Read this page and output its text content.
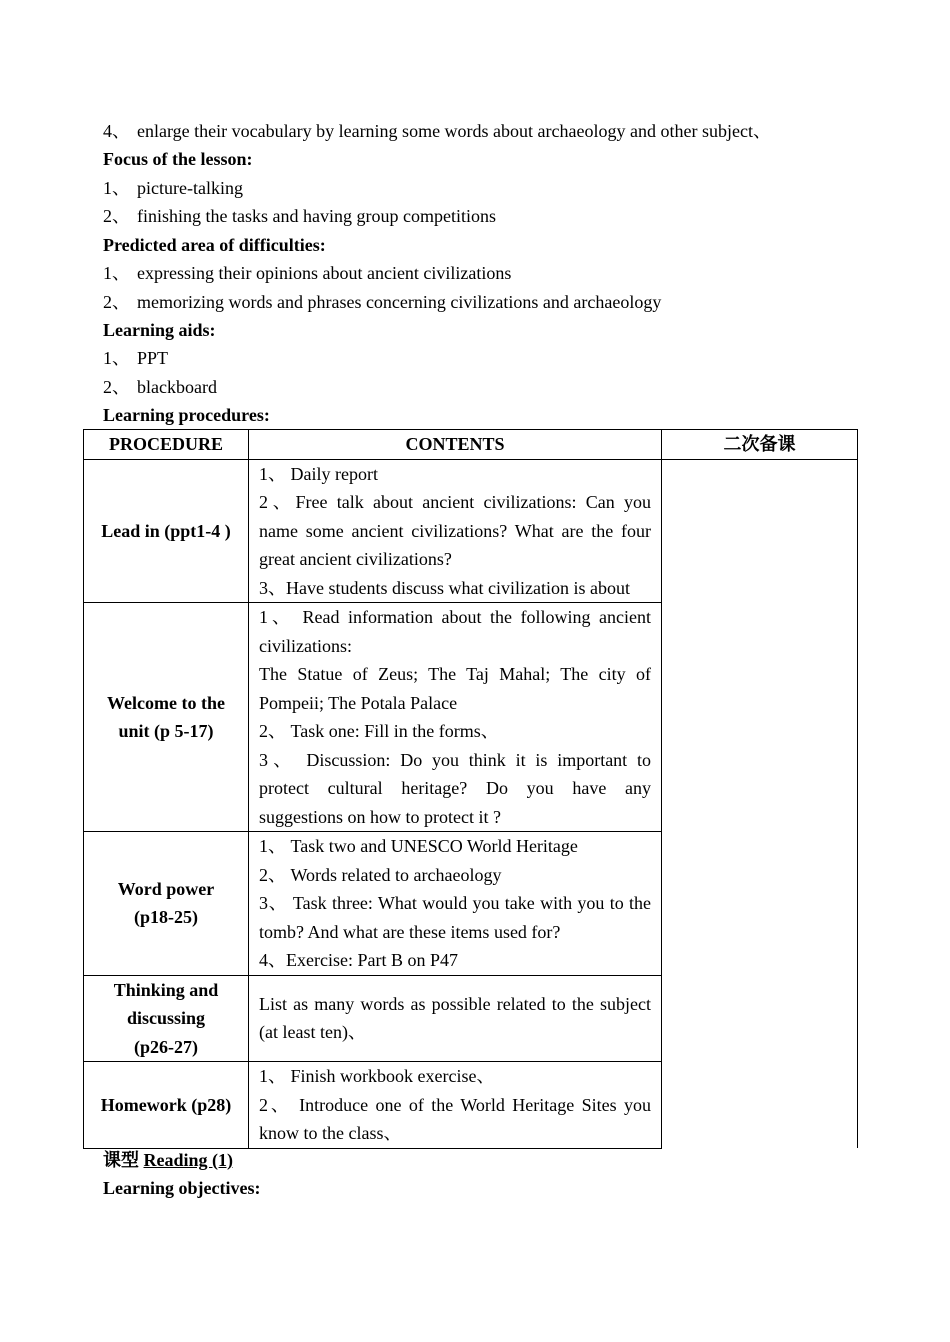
4、 enlarge their vocabulary by learning some words about archaeology and other subject、
Focus of the lesson:
1、 picture-talking
2、 finishing the tasks and having group competitions
Predicted area of difficulties:
1、 expressing their opinions about ancient civilizations
2、 memorizing words and phrases concerning civilizations and archaeology
Learning aids:
1、 PPT
2、 blackboard
Learning procedures:
PROCEDURE	CONTENTS	二次备课

Lead in (ppt1-4 )	1、 Daily report
2、Free talk about ancient civilizations: Can you name some ancient civilizations? What are the four great ancient civilizations?
3、Have students discuss what civilization is about	

Welcome to the
unit (p 5-17)	1、 Read information about the following ancient civilizations:
The Statue of Zeus; The Taj Mahal; The city of Pompeii; The Potala Palace
2、 Task one: Fill in the forms、
3、 Discussion: Do you think it is important to protect cultural heritage? Do you have any suggestions on how to protect it ?	

Word power
(p18-25)	1、 Task two and UNESCO World Heritage
2、 Words related to archaeology
3、 Task three: What would you take with you to the tomb? And what are these items used for?
4、Exercise: Part B on P47	

Thinking and
discussing
(p26-27)	List as many words as possible related to the subject (at least ten)、	

Homework (p28)	1、 Finish workbook exercise、
2、 Introduce one of the World Heritage Sites you know to the class、	
课型 Reading (1)
Learning objectives:
